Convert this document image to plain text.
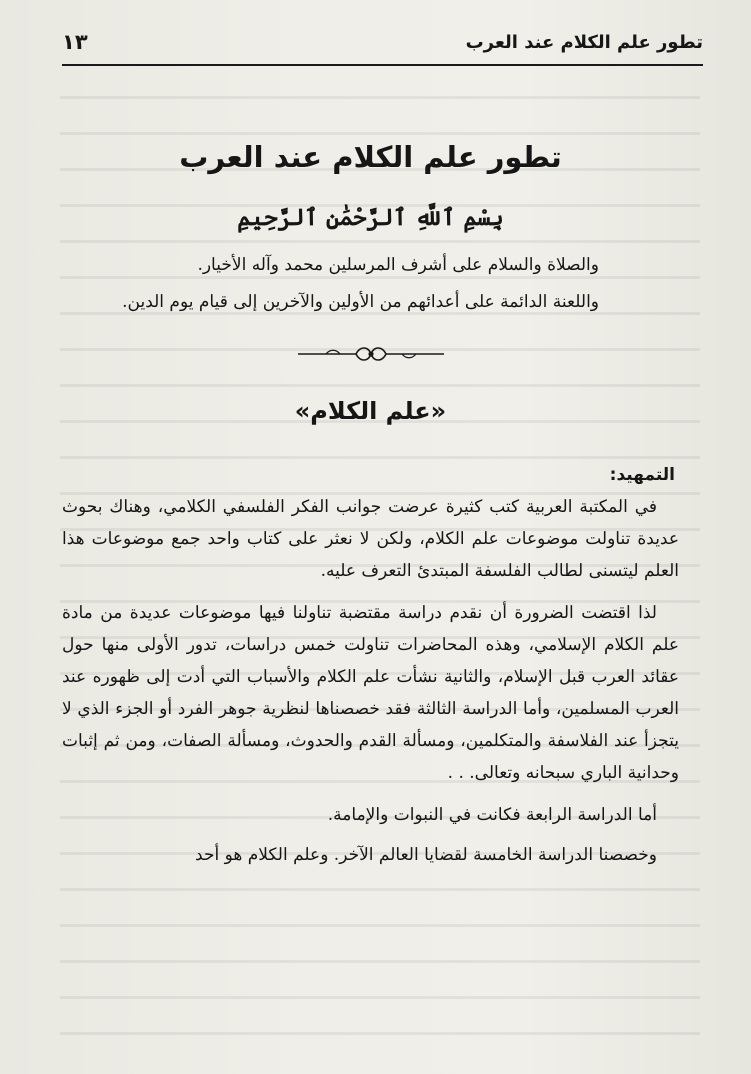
تطور علم الكلام عند العرب
١٣
تطور علم الكلام عند العرب
بِسْمِ ٱللَّهِ ٱلرَّحْمَٰنِ ٱلرَّحِيمِ
والصلاة والسلام على أشرف المرسلين محمد وآله الأخيار.
واللعنة الدائمة على أعدائهم من الأولين والآخرين إلى قيام يوم الدين.
«علم الكلام»
التمهيد:

في المكتبة العربية كتب كثيرة عرضت جوانب الفكر الفلسفي الكلامي، وهناك بحوث عديدة تناولت موضوعات علم الكلام، ولكن لا نعثر على كتاب واحد جمع موضوعات هذا العلم ليتسنى لطالب الفلسفة المبتدئ التعرف عليه.

لذا اقتضت الضرورة أن نقدم دراسة مقتضبة تناولنا فيها موضوعات عديدة من مادة علم الكلام الإسلامي، وهذه المحاضرات تناولت خمس دراسات، تدور الأولى منها حول عقائد العرب قبل الإسلام، والثانية نشأت علم الكلام والأسباب التي أدت إلى ظهوره عند العرب المسلمين، وأما الدراسة الثالثة فقد خصصناها لنظرية جوهر الفرد أو الجزء الذي لا يتجزأ عند الفلاسفة والمتكلمين، ومسألة القدم والحدوث، ومسألة الصفات، ومن ثم إثبات وحدانية الباري سبحانه وتعالى. . .

أما الدراسة الرابعة فكانت في النبوات والإمامة.

وخصصنا الدراسة الخامسة لقضايا العالم الآخر. وعلم الكلام هو أحد
